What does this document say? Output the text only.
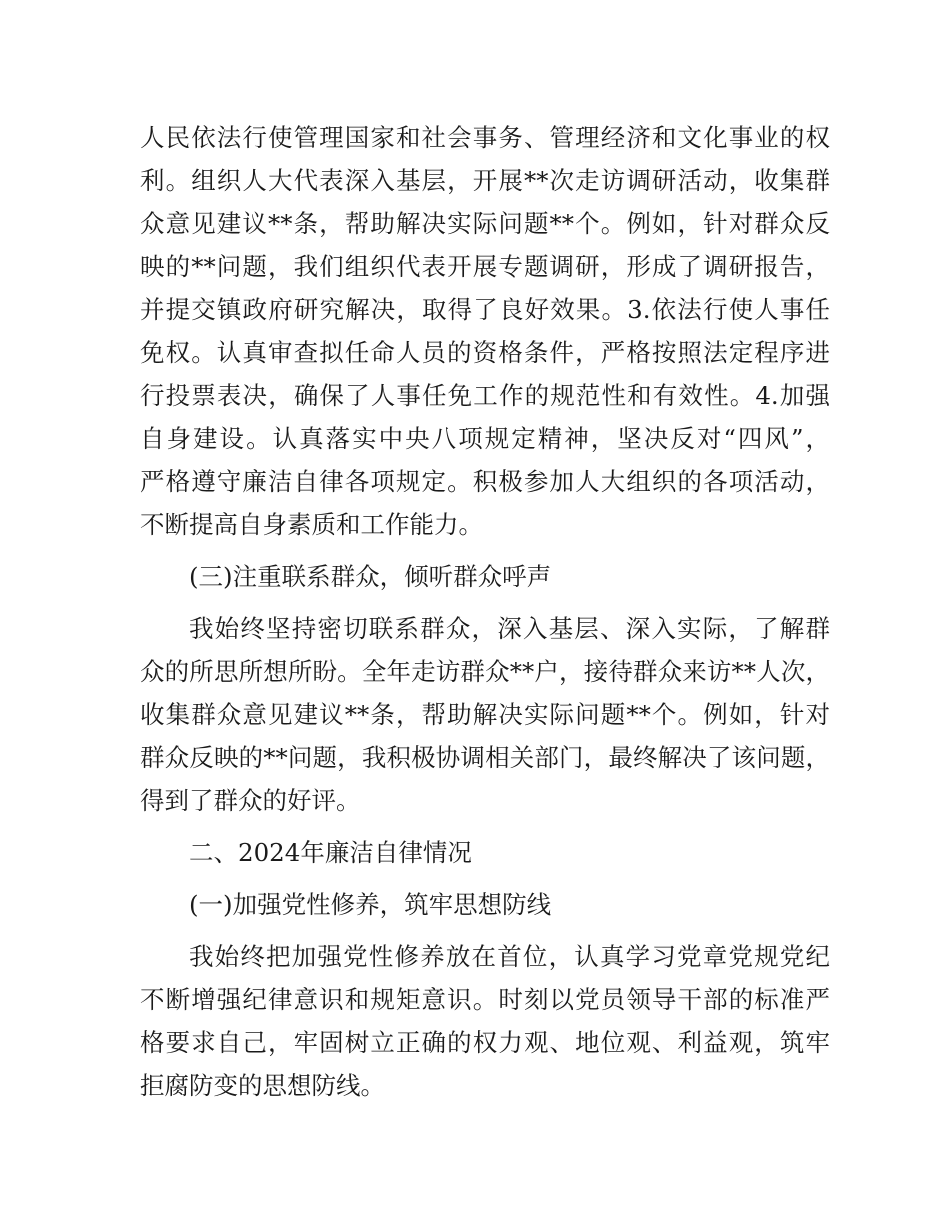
人民依法行使管理国家和社会事务、管理经济和文化事业的权
利。组织人大代表深入基层，开展**次走访调研活动，收集群
众意见建议**条，帮助解决实际问题**个。例如，针对群众反
映的**问题，我们组织代表开展专题调研，形成了调研报告，
并提交镇政府研究解决，取得了良好效果。3.依法行使人事任
免权。认真审查拟任命人员的资格条件，严格按照法定程序进
行投票表决，确保了人事任免工作的规范性和有效性。4.加强
自身建设。认真落实中央八项规定精神，坚决反对“四风”，
严格遵守廉洁自律各项规定。积极参加人大组织的各项活动，
不断提高自身素质和工作能力。
(三)注重联系群众，倾听群众呼声
我始终坚持密切联系群众，深入基层、深入实际，了解群
众的所思所想所盼。全年走访群众**户，接待群众来访**人次，
收集群众意见建议**条，帮助解决实际问题**个。例如，针对
群众反映的**问题，我积极协调相关部门，最终解决了该问题，
得到了群众的好评。
二、2024年廉洁自律情况
(一)加强党性修养，筑牢思想防线
我始终把加强党性修养放在首位，认真学习党章党规党纪
不断增强纪律意识和规矩意识。时刻以党员领导干部的标准严
格要求自己，牢固树立正确的权力观、地位观、利益观，筑牢
拒腐防变的思想防线。
